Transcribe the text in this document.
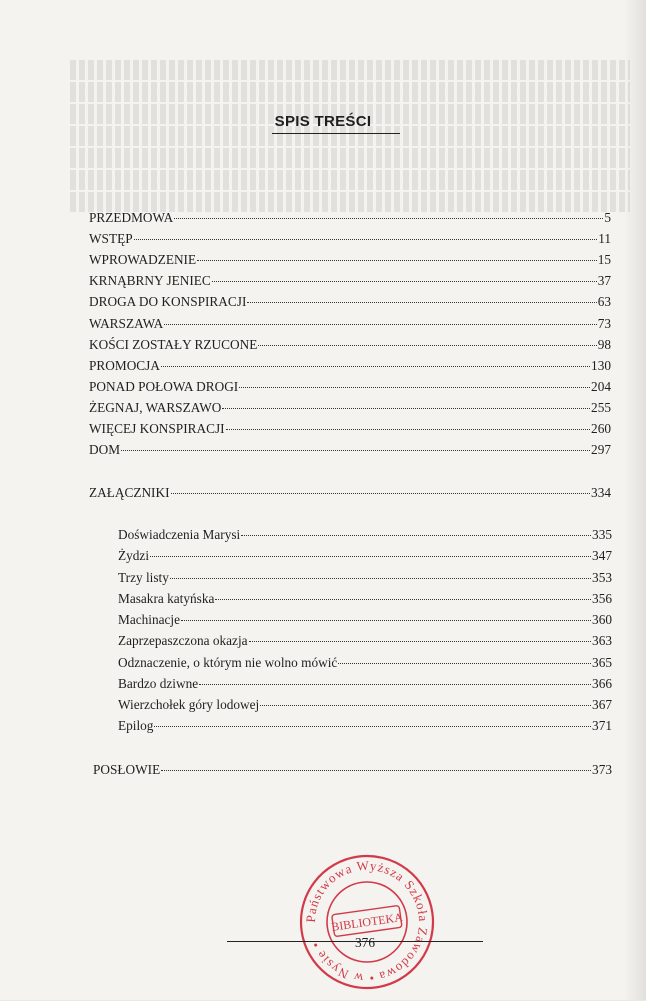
SPIS TREŚCI
PRZEDMOWA	5
WSTĘP	11
WPROWADZENIE	15
KRNĄBRNY JENIEC	37
DROGA DO KONSPIRACJI	63
WARSZAWA	73
KOŚCI ZOSTAŁY RZUCONE	98
PROMOCJA	130
PONAD POŁOWA DROGI	204
ŻEGNAJ, WARSZAWO	255
WIĘCEJ KONSPIRACJI	260
DOM	297
ZAŁĄCZNIKI	334
Doświadczenia Marysi	335
Żydzi	347
Trzy listy	353
Masakra katyńska	356
Machinacje	360
Zaprzepaszczona okazja	363
Odznaczenie, o którym nie wolno mówić	365
Bardzo dziwne	366
Wierzchołek góry lodowej	367
Epilog	371
POSŁOWIE	373
Państwowa Wyższa Szkoła Zawodowa • w Nysie •
BIBLIOTEKA
376
